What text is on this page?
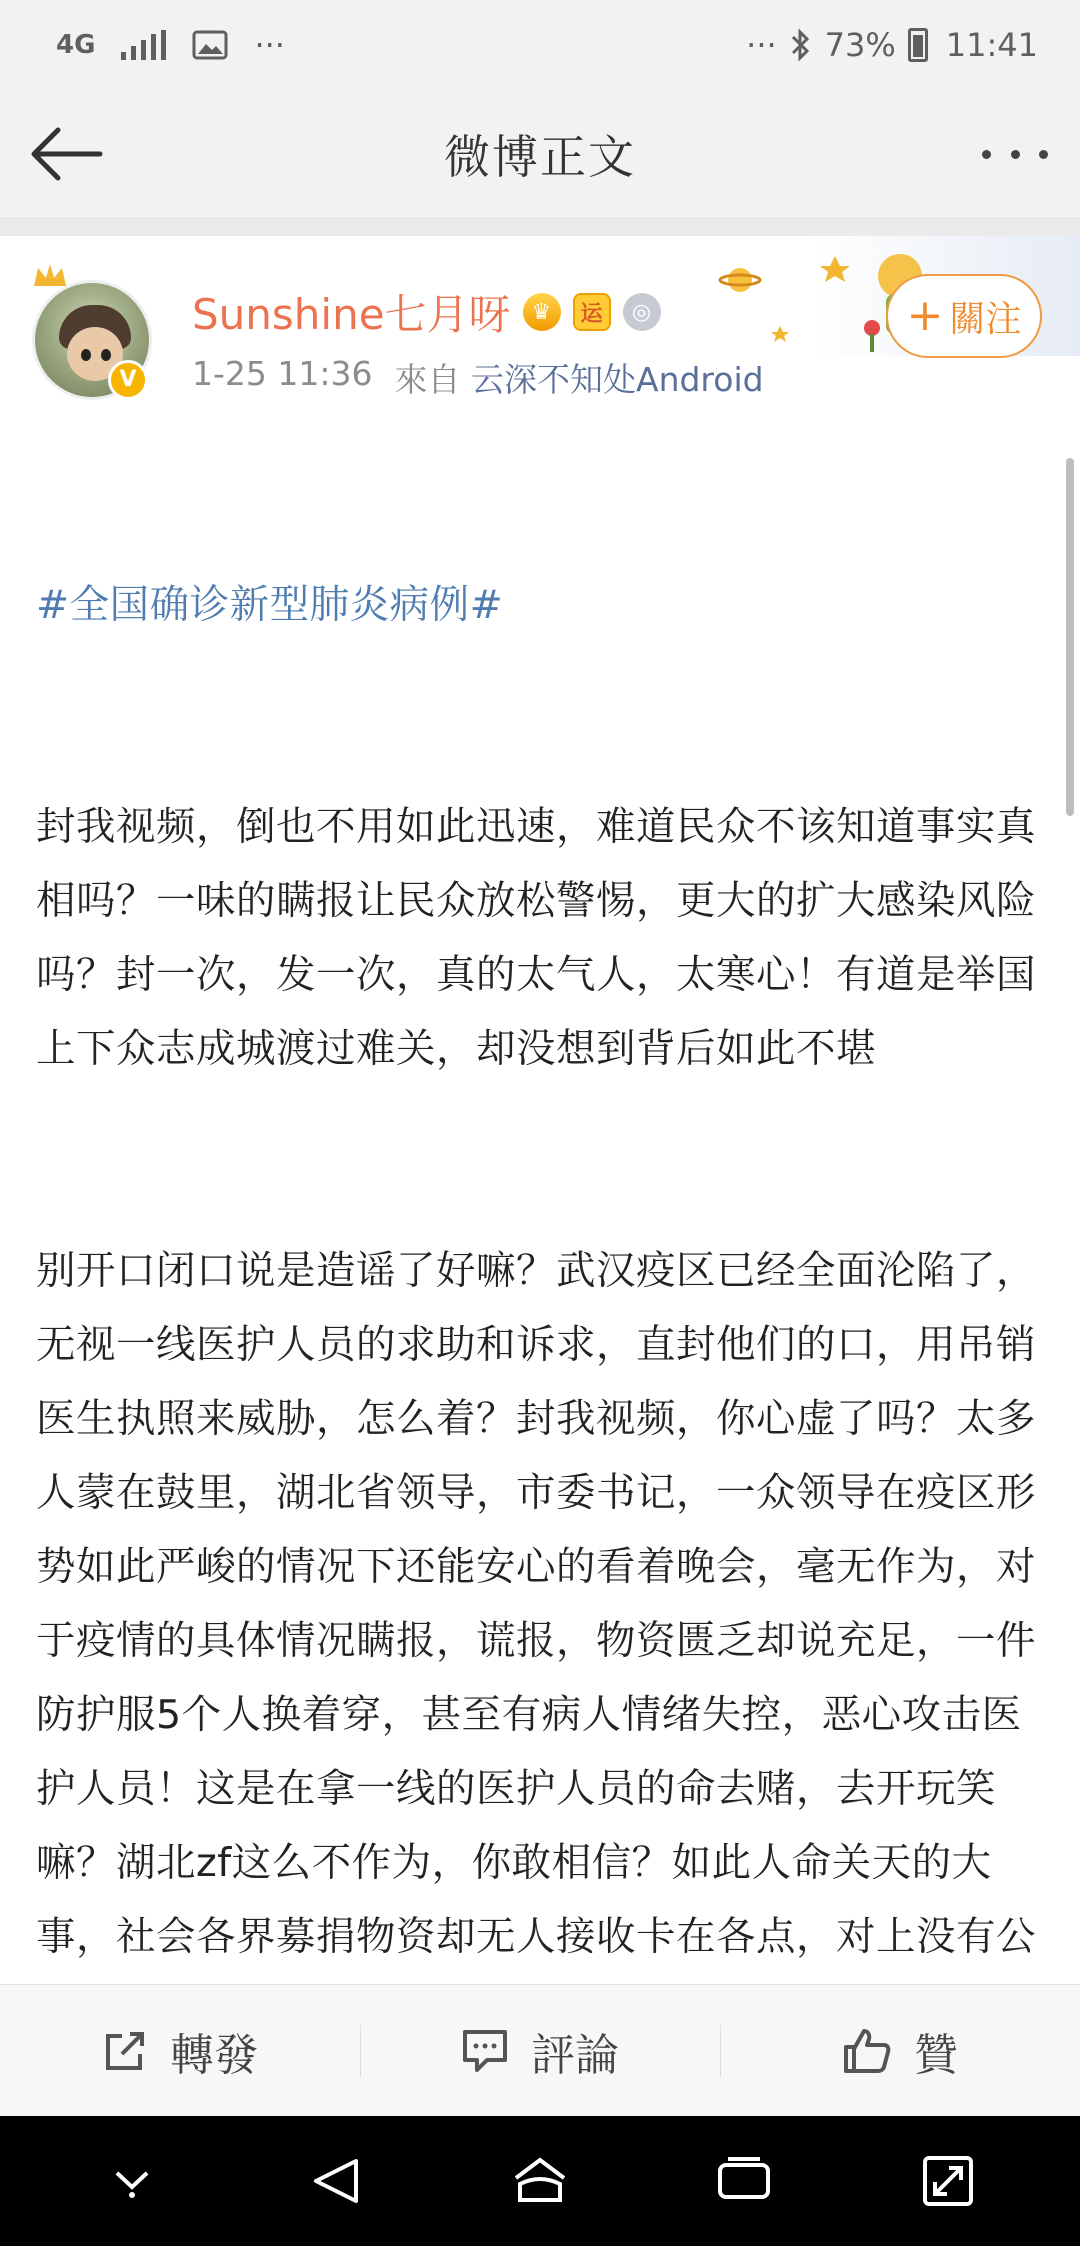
4G	···	··· 73% 11:41
微博正文
V
Sunshine七月呀 ♛	运	◎
1-25 11:36 來自 云深不知处Android
+ 關注

#全国确诊新型肺炎病例#

封我视频，倒也不用如此迅速，难道民众不该知道事实真相吗？一味的瞒报让民众放松警惕，更大的扩大感染风险吗？封一次，发一次，真的太气人，太寒心！有道是举国上下众志成城渡过难关，却没想到背后如此不堪

别开口闭口说是造谣了好嘛？武汉疫区已经全面沦陷了，无视一线医护人员的求助和诉求，直封他们的口，用吊销医生执照来威胁，怎么着？封我视频，你心虚了吗？太多人蒙在鼓里，湖北省领导，市委书记，一众领导在疫区形势如此严峻的情况下还能安心的看着晚会，毫无作为，对于疫情的具体情况瞒报，谎报，物资匮乏却说充足，一件防护服5个人换着穿，甚至有病人情绪失控，恶心攻击医护人员！这是在拿一线的医护人员的命去赌，去开玩笑嘛？湖北zf这么不作为，你敢相信？如此人命关天的大事，社会各界募捐物资却无人接收卡在各点，对上没有公

轉發	評論	贊
